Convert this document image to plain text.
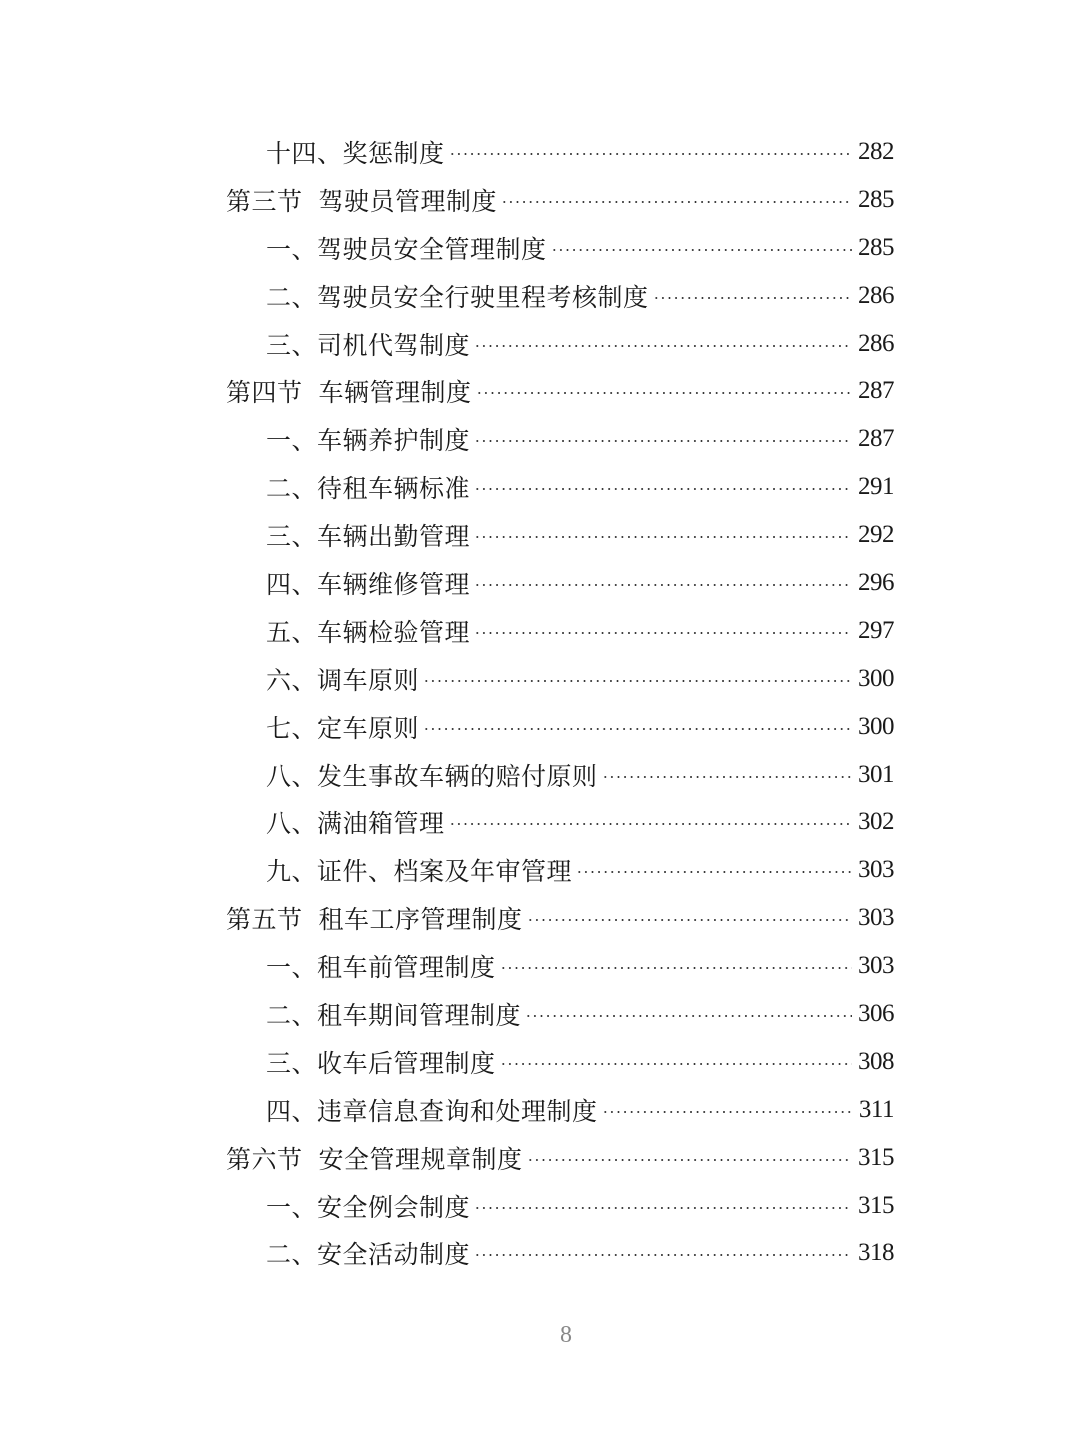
十四、奖惩制度	282
第三节 驾驶员管理制度	285
一、驾驶员安全管理制度	285
二、驾驶员安全行驶里程考核制度	286
三、司机代驾制度	286
第四节 车辆管理制度	287
一、车辆养护制度	287
二、待租车辆标准	291
三、车辆出勤管理	292
四、车辆维修管理	296
五、车辆检验管理	297
六、调车原则	300
七、定车原则	300
八、发生事故车辆的赔付原则	301
八、满油箱管理	302
九、证件、档案及年审管理	303
第五节 租车工序管理制度	303
一、租车前管理制度	303
二、租车期间管理制度	306
三、收车后管理制度	308
四、违章信息查询和处理制度	311
第六节 安全管理规章制度	315
一、安全例会制度	315
二、安全活动制度	318
8
